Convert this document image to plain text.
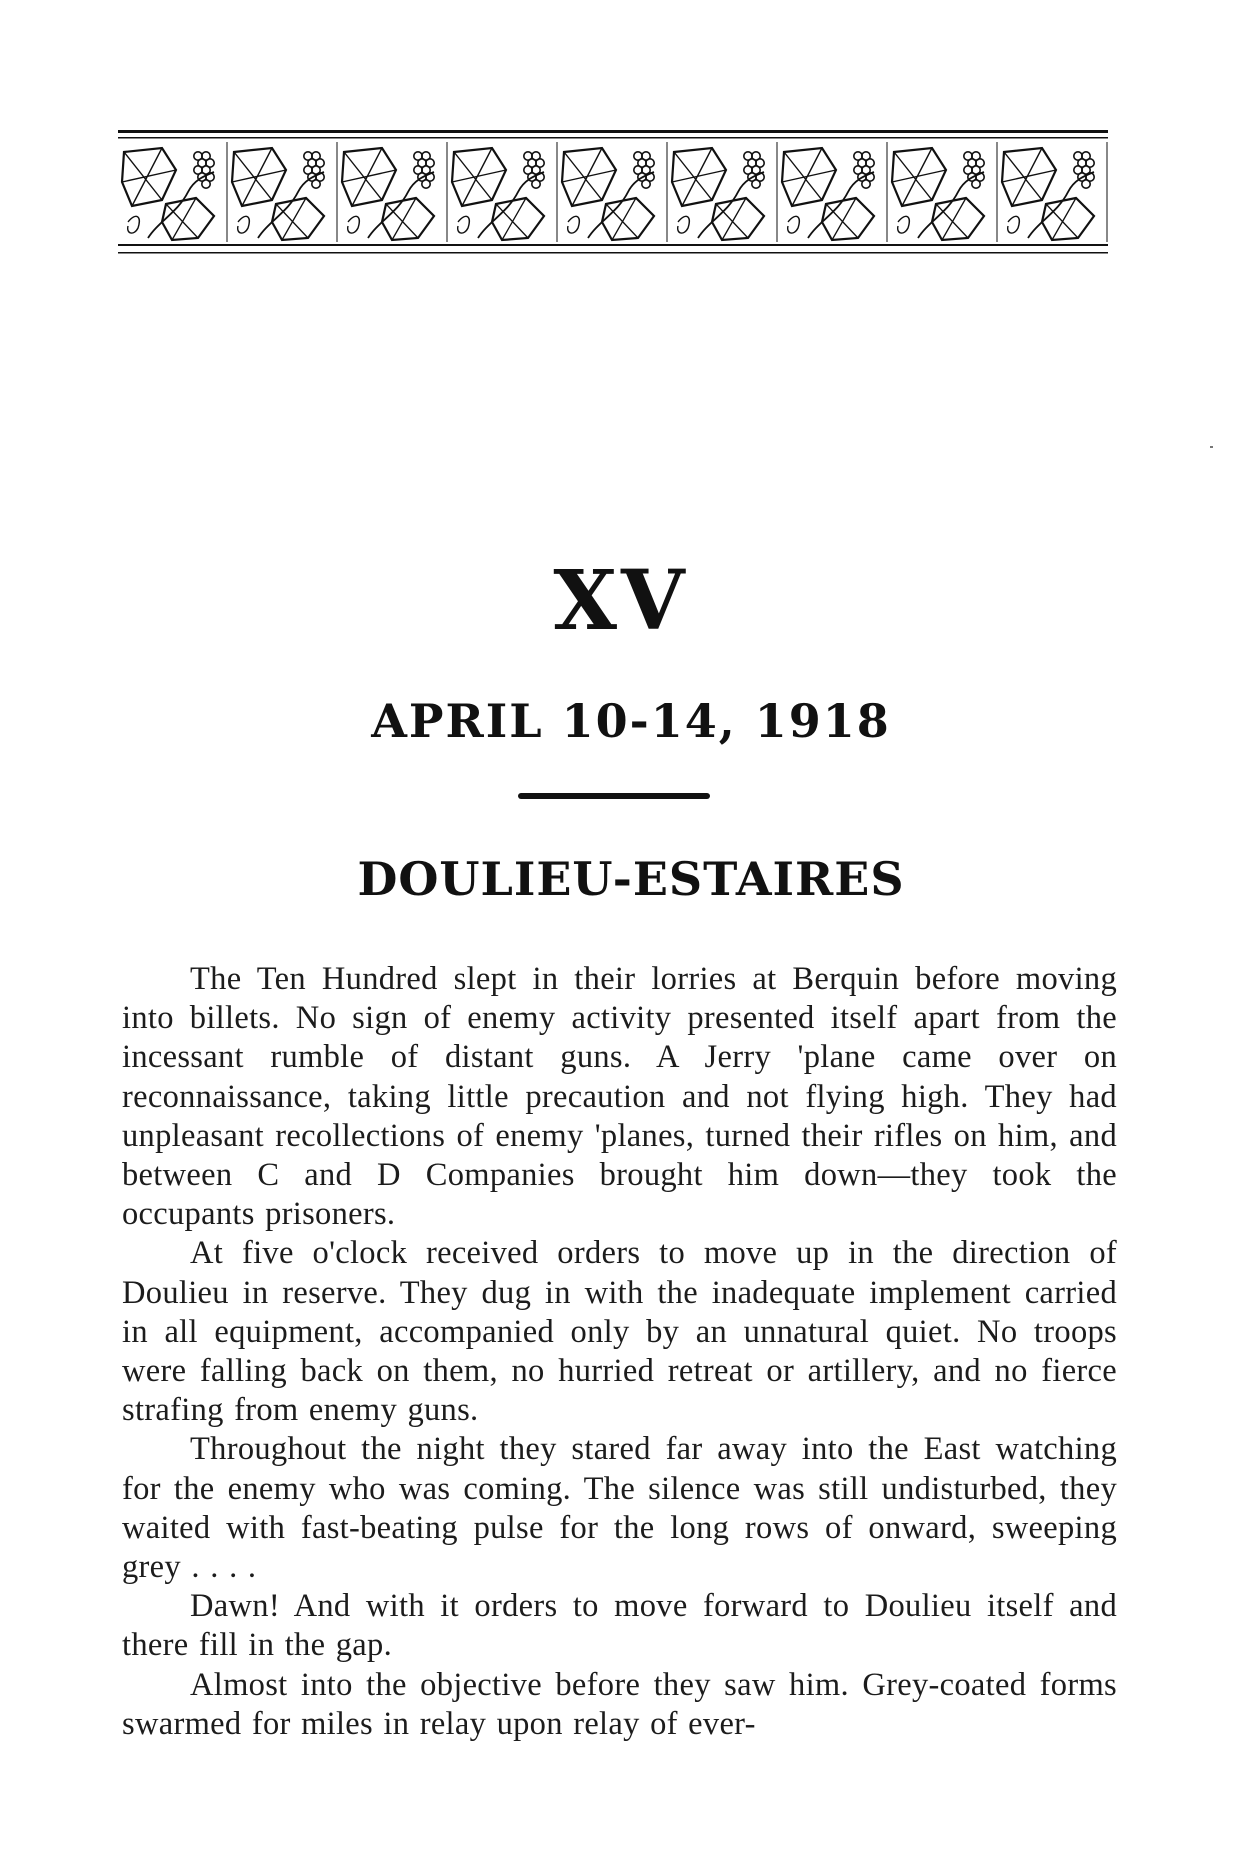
XV
APRIL 10-14, 1918
DOULIEU-ESTAIRES

The Ten Hundred slept in their lorries at Berquin before moving into billets. No sign of enemy activity presented itself apart from the incessant rumble of distant guns. A Jerry 'plane came over on reconnaissance, taking little precaution and not flying high. They had unpleasant recollections of enemy 'planes, turned their rifles on him, and between C and D Companies brought him down—they took the occupants prisoners.

At five o'clock received orders to move up in the direction of Doulieu in reserve. They dug in with the inadequate implement carried in all equipment, accompanied only by an unnatural quiet. No troops were falling back on them, no hurried retreat or artillery, and no fierce strafing from enemy guns.

Throughout the night they stared far away into the East watching for the enemy who was coming. The silence was still undisturbed, they waited with fast-beating pulse for the long rows of onward, sweeping grey . . . .

Dawn! And with it orders to move forward to Doulieu itself and there fill in the gap.

Almost into the objective before they saw him. Grey-coated forms swarmed for miles in relay upon relay of ever-
